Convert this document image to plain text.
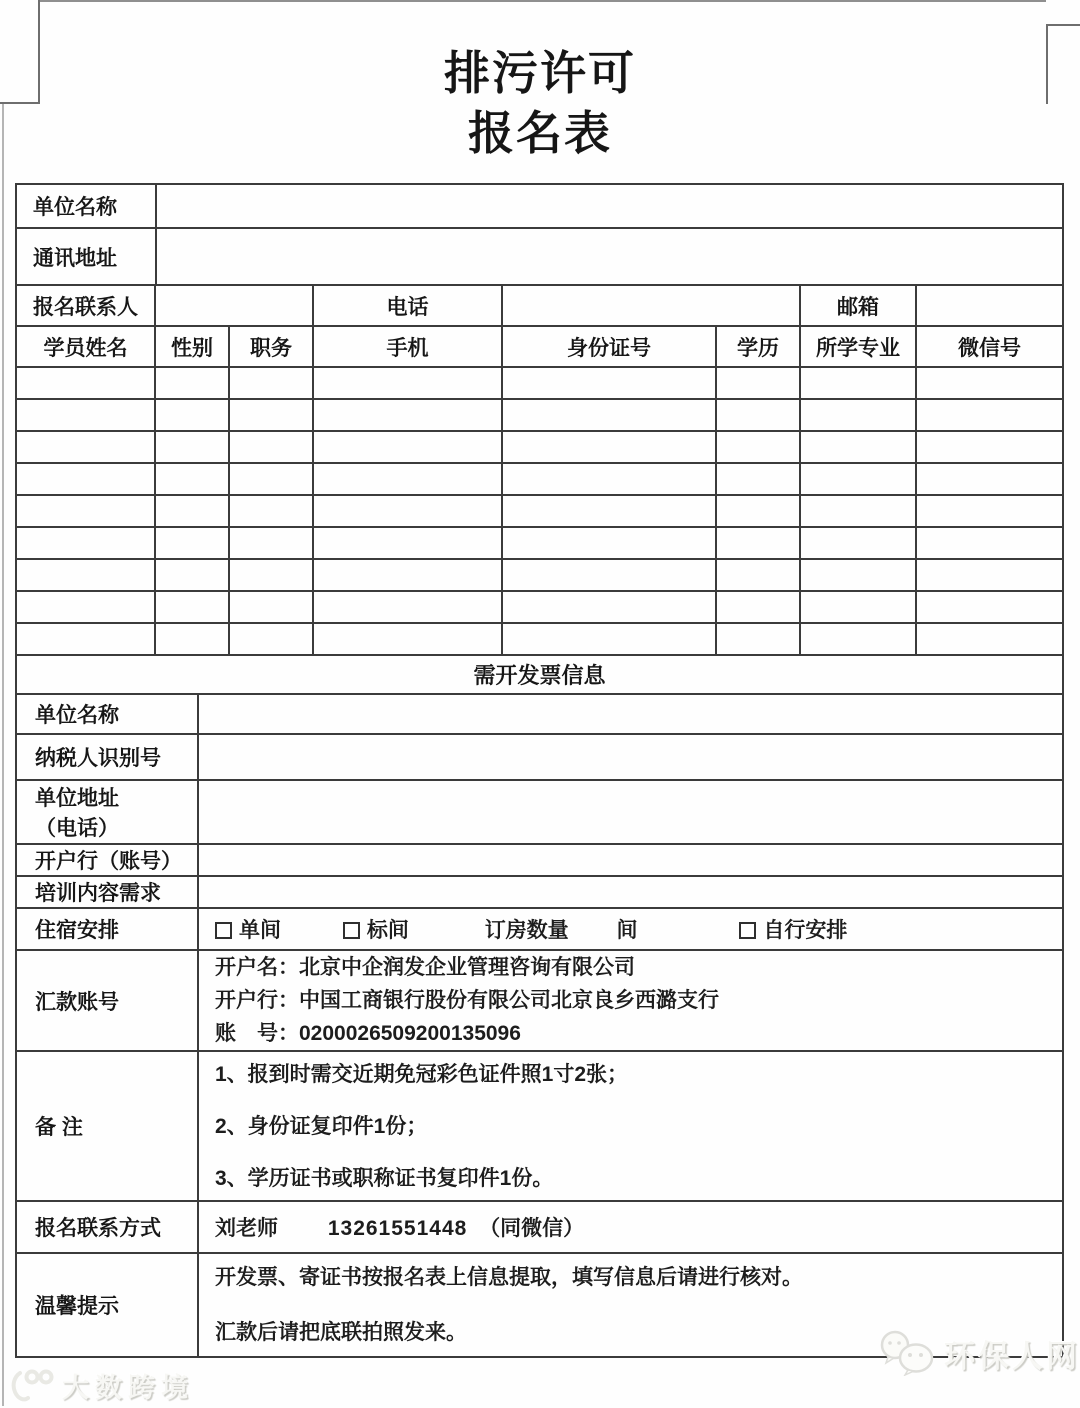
排污许可
报名表
单位名称	
通讯地址	
报名联系人			电话			邮箱	
学员姓名	性别	职务	手机	身份证号	学历	所学专业	微信号

需开发票信息	
单位名称	
纳税人识别号	

单位地址
（电话）	

开户行（账号）	
培训内容需求	
住宿安排	单间 标间 订房数量 间 自行安排
汇款账号	开户名：北京中企润发企业管理咨询有限公司
开户行：中国工商银行股份有限公司北京良乡西潞支行
账　号：0200026509200135096

备 注	1、报到时需交近期免冠彩色证件照1寸2张；

2、身份证复印件1份；

3、学历证书或职称证书复印件1份。

报名联系方式	刘老师 13261551448 （同微信）
温馨提示	开发票、寄证书按报名表上信息提取，填写信息后请进行核对。

汇款后请把底联拍照发来。

大数跨境
环保人网
